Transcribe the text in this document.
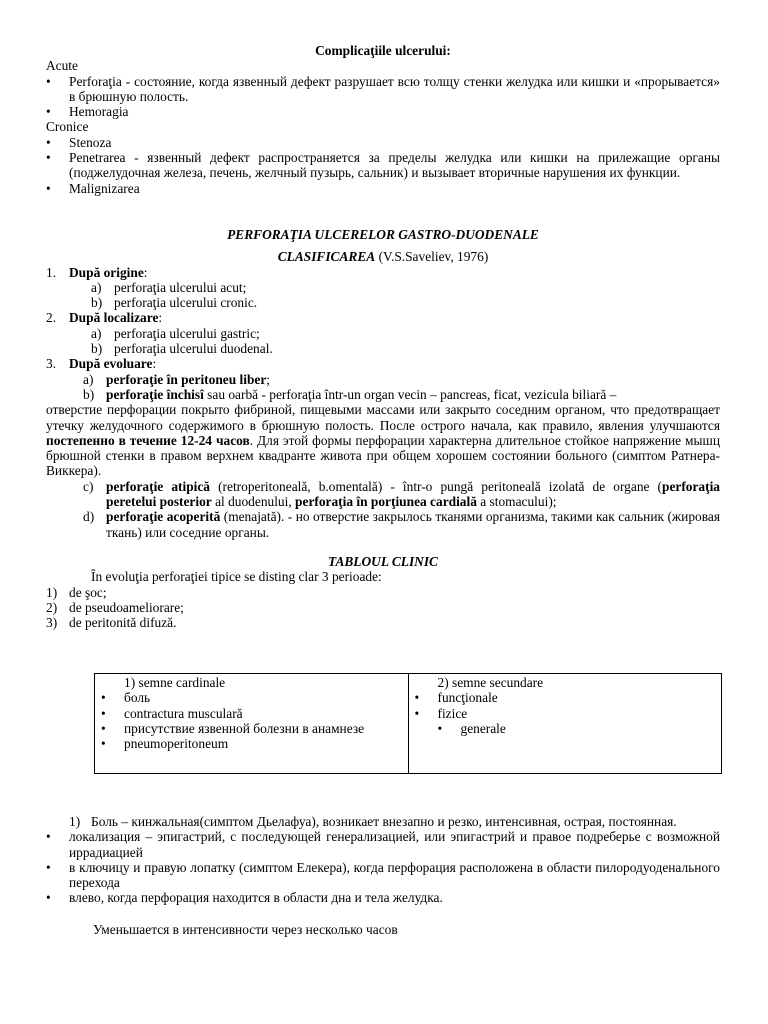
Complicaţiile ulcerului:
Acute
• Perforaţia - состояние, когда язвенный дефект разрушает всю толщу стенки желудка или кишки и «прорывается» в брюшную полость.
• Hemoragia
Cronice
• Stenoza
• Penetrarea - язвенный дефект распространяется за пределы желудка или кишки на прилежащие органы (поджелудочная железа, печень, желчный пузырь, сальник) и вызывает вторичные нарушения их функции.
• Malignizarea
PERFORAŢIA ULCERELOR GASTRO-DUODENALE
CLASIFICAREA (V.S.Saveliev, 1976)
1. După origine:
a) perforaţia ulcerului acut;
b) perforaţia ulcerului cronic.
2. După localizare:
a) perforaţia ulcerului gastric;
b) perforaţia ulcerului duodenal.
3. După evoluare:
a) perforaţie în peritoneu liber;
b) perforaţie închisî sau oarbă - perforaţia într-un organ vecin – pancreas, ficat, vezicula biliară –
отверстие перфорации покрыто фибриной, пищевыми массами или закрыто соседним органом, что предотвращает утечку желудочного содержимого в брюшную полость. После острого начала, как правило, явления улучшаются постепенно в течение 12-24 часов. Для этой формы перфорации характерна длительное стойкое напряжение мышц брюшной стенки в правом верхнем квадранте живота при общем хорошем состоянии больного (симптом Ратнера-Виккера).
c) perforaţie atipică (retroperitoneală, b.omentală) - într-o pungă peritoneală izolată de organe (perforaţia peretelui posterior al duodenului, perforaţia în porţiunea cardială a stomacului);
d) perforaţie acoperită (menajată). - но отверстие закрылось тканями организма, такими как сальник (жировая ткань) или соседние органы.
TABLOUL CLINIC
În evoluţia perforaţiei tipice se disting clar 3 perioade:
1) de şoc;
2) de pseudoameliorare;
3) de peritonită difuză.
1) semne cardinale
• боль
• contractura musculară
• присутствие язвенной болезни в анамнезе
• pneumoperitoneum

2) semne secundare
• funcţionale
• fizice
• generale
1) Боль – кинжальная(симптом Дьелафуа), возникает внезапно и резко, интенсивная, острая, постоянная.
• локализация – эпигастрий, с последующей генерализацией, или эпигастрий и правое подреберье с возможной иррадиацией
• в ключицу и правую лопатку (симптом Елекера), когда перфорация расположена в области пилородуоденального перехода
• влево, когда перфорация находится в области дна и тела желудка.
Уменьшается в интенсивности через несколько часов
